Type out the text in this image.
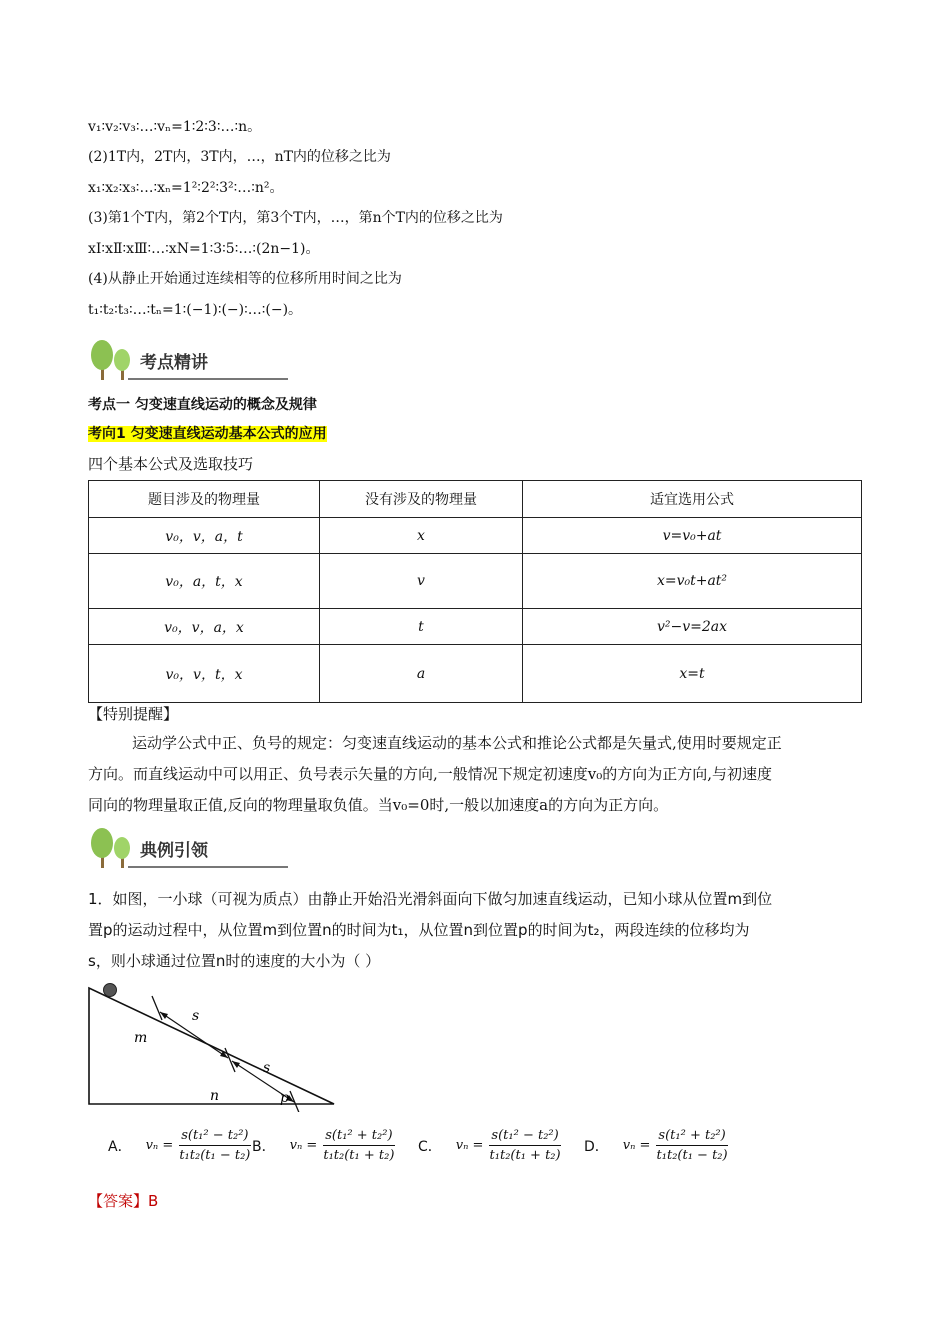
v₁∶v₂∶v₃∶…∶vₙ=1∶2∶3∶…∶n。
(2)1T内，2T内，3T内，…，nT内的位移之比为
x₁∶x₂∶x₃∶…∶xₙ=1²∶2²∶3²∶…∶n²。
(3)第1个T内，第2个T内，第3个T内，…，第n个T内的位移之比为
xⅠ∶xⅡ∶xⅢ∶…∶xN=1∶3∶5∶…∶(2n−1)。
(4)从静止开始通过连续相等的位移所用时间之比为
t₁∶t₂∶t₃∶…∶tₙ=1∶(−1)∶(−)∶…∶(−)。
考点精讲
考点一 匀变速直线运动的概念及规律
考向1 匀变速直线运动基本公式的应用
四个基本公式及选取技巧
题目涉及的物理量	没有涉及的物理量	适宜选用公式
v₀，v，a，t	x	v=v₀+at
v₀，a，t，x	v	x=v₀t+at²
v₀，v，a，x	t	v²−v=2ax
v₀，v，t，x	a	x=t
【特别提醒】
运动学公式中正、负号的规定：匀变速直线运动的基本公式和推论公式都是矢量式,使用时要规定正
方向。而直线运动中可以用正、负号表示矢量的方向,一般情况下规定初速度v₀的方向为正方向,与初速度
同向的物理量取正值,反向的物理量取负值。当v₀=0时,一般以加速度a的方向为正方向。
典例引领
1．如图，一小球（可视为质点）由静止开始沿光滑斜面向下做匀加速直线运动，已知小球从位置m到位
置p的运动过程中，从位置m到位置n的时间为t₁，从位置n到位置p的时间为t₂，两段连续的位移均为
s，则小球通过位置n时的速度的大小为（ ）
s
s
m
n	p
A． $v_n = \frac{\text{s(t₁² − t₂²)}}{\text{t₁t₂(t₁ − t₂)}}$ B． $v_n = \frac{\text{s(t₁² + t₂²)}}{\text{t₁t₂(t₁ + t₂)}}$ C． $v_n = \frac{\text{s(t₁² − t₂²)}}{\text{t₁t₂(t₁ + t₂)}}$ D． $v_n = \frac{\text{s(t₁² + t₂²)}}{\text{t₁t₂(t₁ − t₂)}}$
【答案】B
